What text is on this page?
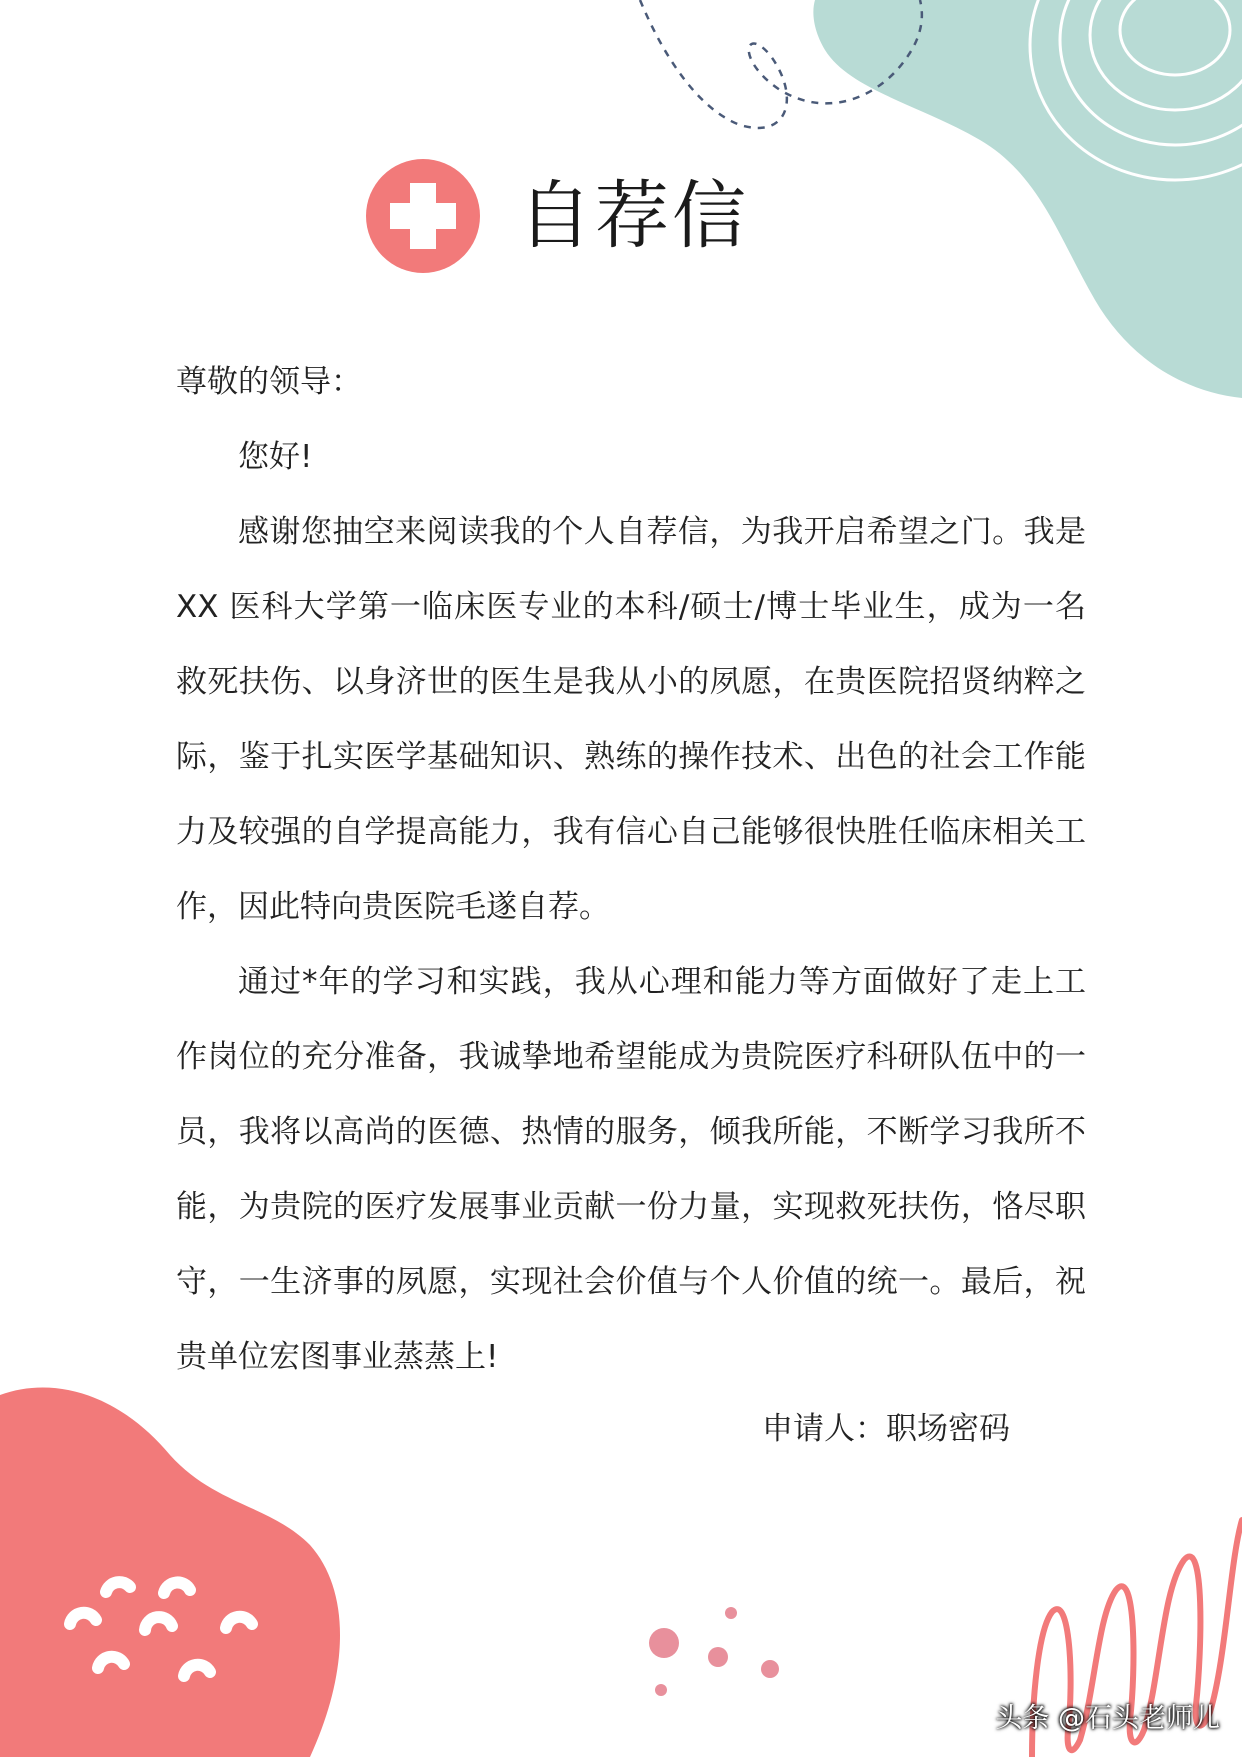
自荐信

尊敬的领导：

您好!

感谢您抽空来阅读我的个人自荐信，为我开启希望之门。我是 XX 医科大学第一临床医专业的本科/硕士/博士毕业生，成为一名救死扶伤、以身济世的医生是我从小的夙愿，在贵医院招贤纳粹之际，鉴于扎实医学基础知识、熟练的操作技术、出色的社会工作能力及较强的自学提高能力，我有信心自己能够很快胜任临床相关工作，因此特向贵医院毛遂自荐。

通过*年的学习和实践，我从心理和能力等方面做好了走上工作岗位的充分准备，我诚挚地希望能成为贵院医疗科研队伍中的一员，我将以高尚的医德、热情的服务，倾我所能，不断学习我所不能，为贵院的医疗发展事业贡献一份力量，实现救死扶伤，恪尽职守，一生济事的夙愿，实现社会价值与个人价值的统一。最后，祝贵单位宏图事业蒸蒸上!

申请人：职场密码
头条 @石头老师儿
